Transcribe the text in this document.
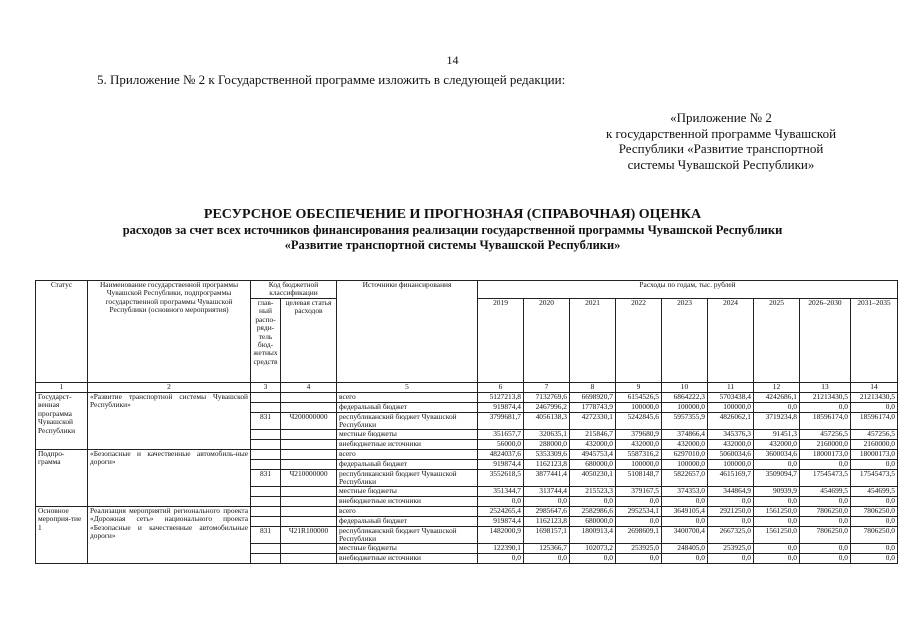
14
5. Приложение № 2 к Государственной программе изложить в следующей редакции:
«Приложение № 2
к государственной программе Чувашской
Республики «Развитие транспортной
системы Чувашской Республики»
РЕСУРСНОЕ ОБЕСПЕЧЕНИЕ И ПРОГНОЗНАЯ (СПРАВОЧНАЯ) ОЦЕНКА
расходов за счет всех источников финансирования реализации государственной программы Чувашской Республики
«Развитие транспортной системы Чувашской Республики»
Статус	Наименование государственной программы Чувашской Республики, подпрограммы государственной программы Чувашской Республики (основного мероприятия)	Код бюджетной классификации		Источники финансирования	Расходы по годам, тыс. рублей								
		глав-ный распо-ряди-тель бюд-жетных средств	целевая статья расходов		2019	2020	2021	2022	2023	2024	2025	2026–2030	2031–2035
1	2	3	4	5	6	7	8	9	10	11	12	13	14
Государст-венная программа Чувашской Республики	«Развитие транспортной системы Чувашской Республики»			всего	5127213,8	7132769,6	6698920,7	6154526,5	6864222,3	5703438,4	4242686,1	21213430,5	21213430,5
				федеральный бюджет	919874,4	2467996,2	1778743,9	100000,0	100000,0	100000,0	0,0	0,0	0,0
		831	Ч200000000	республиканский бюджет Чувашской Республики	3799681,7	4056138,3	4272330,1	5242845,6	5957355,9	4826062,1	3719234,8	18596174,0	18596174,0
				местные бюджеты	351657,7	320635,1	215846,7	379680,9	374866,4	345376,3	91451,3	457256,5	457256,5
				внебюджетные источники	56000,0	288000,0	432000,0	432000,0	432000,0	432000,0	432000,0	2160000,0	2160000,0
Подпро-грамма	«Безопасные и качественные автомобиль-ные дороги»			всего	4824037,6	5353309,6	4945753,4	5587316,2	6297010,0	5060034,6	3600034,6	18000173,0	18000173,0
				федеральный бюджет	919874,4	1162123,8	680000,0	100000,0	100000,0	100000,0	0,0	0,0	0,0
		831	Ч210000000	республиканский бюджет Чувашской Республики	3552618,5	3877441,4	4050230,1	5108148,7	5822657,0	4615169,7	3509094,7	17545473,5	17545473,5
				местные бюджеты	351344,7	313744,4	215523,3	379167,5	374353,0	344864,9	90939,9	454699,5	454699,5
				внебюджетные источники	0,0	0,0	0,0	0,0	0,0	0,0	0,0	0,0	0,0
Основное мероприя-тие 1	Реализация мероприятий регионального проекта «Дорожная сеть» национального проекта «Безопасные и качественные автомобильные дороги»			всего	2524265,4	2985647,6	2582986,6	2952534,1	3649105,4	2921250,0	1561250,0	7806250,0	7806250,0
				федеральный бюджет	919874,4	1162123,8	680000,0	0,0	0,0	0,0	0,0	0,0	0,0
		831	Ч21R100000	республиканский бюджет Чувашской Республики	1482000,9	1698157,1	1800913,4	2698609,1	3400700,4	2667325,0	1561250,0	7806250,0	7806250,0
				местные бюджеты	122390,1	125366,7	102073,2	253925,0	248405,0	253925,0	0,0	0,0	0,0
				внебюджетные источники	0,0	0,0	0,0	0,0	0,0	0,0	0,0	0,0	0,0
